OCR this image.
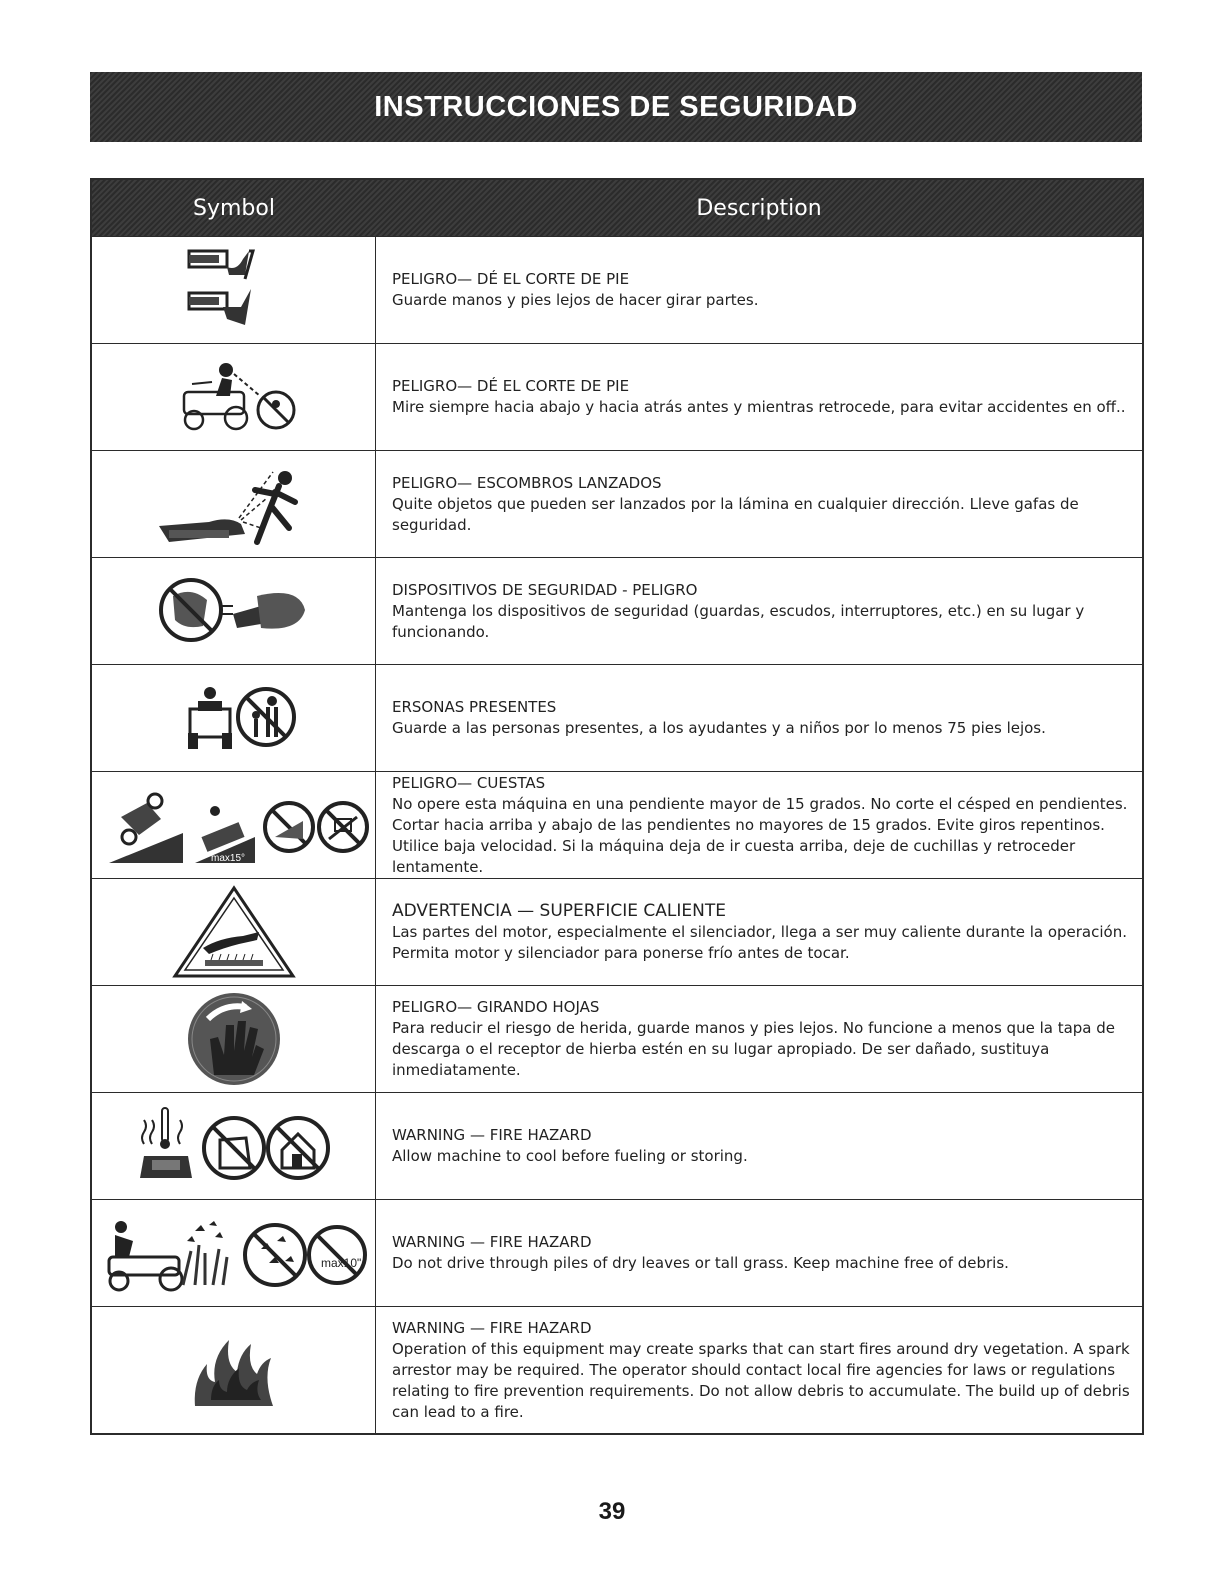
INSTRUCCIONES DE SEGURIDAD
Symbol	Description
PELIGRO— DÉ EL CORTE DE PIE
Guarde manos y pies lejos de hacer girar partes.
PELIGRO— DÉ EL CORTE DE PIE
Mire siempre hacia abajo y hacia atrás antes y mientras retrocede, para evitar accidentes en off..
PELIGRO— ESCOMBROS LANZADOS
Quite objetos que pueden ser lanzados por la lámina en cualquier dirección. Lleve gafas de seguridad.
DISPOSITIVOS DE SEGURIDAD - PELIGRO
Mantenga los dispositivos de seguridad (guardas, escudos, interruptores, etc.) en su lugar y funcionando.
ERSONAS PRESENTES
Guarde a las personas presentes, a los ayudantes y a niños por lo menos 75 pies lejos.
max15°
PELIGRO— CUESTAS
No opere esta máquina en una pendiente mayor de 15 grados. No corte el césped en pendientes. Cortar hacia arriba y abajo de las pendientes no mayores de 15 grados. Evite giros repentinos. Utilice baja velocidad. Si la máquina deja de ir cuesta arriba, deje de cuchillas y retroceder lentamente.
ADVERTENCIA — SUPERFICIE CALIENTE
Las partes del motor, especialmente el silenciador, llega a ser muy caliente durante la operación. Permita motor y silenciador para ponerse frío antes de tocar.
PELIGRO— GIRANDO HOJAS
Para reducir el riesgo de herida, guarde manos y pies lejos. No funcione a menos que la tapa de descarga o el receptor de hierba estén en su lugar apropiado. De ser dañado, sustituya inmediatamente.
WARNING — FIRE HAZARD
Allow machine to cool before fueling or storing.
max10"
WARNING — FIRE HAZARD
Do not drive through piles of dry leaves or tall grass. Keep machine free of debris.
WARNING — FIRE HAZARD
Operation of this equipment may create sparks that can start fires around dry vegetation. A spark arrestor may be required. The operator should contact local fire agencies for laws or regulations relating to fire prevention requirements. Do not allow debris to accumulate. The build up of debris can lead to a fire.
39
